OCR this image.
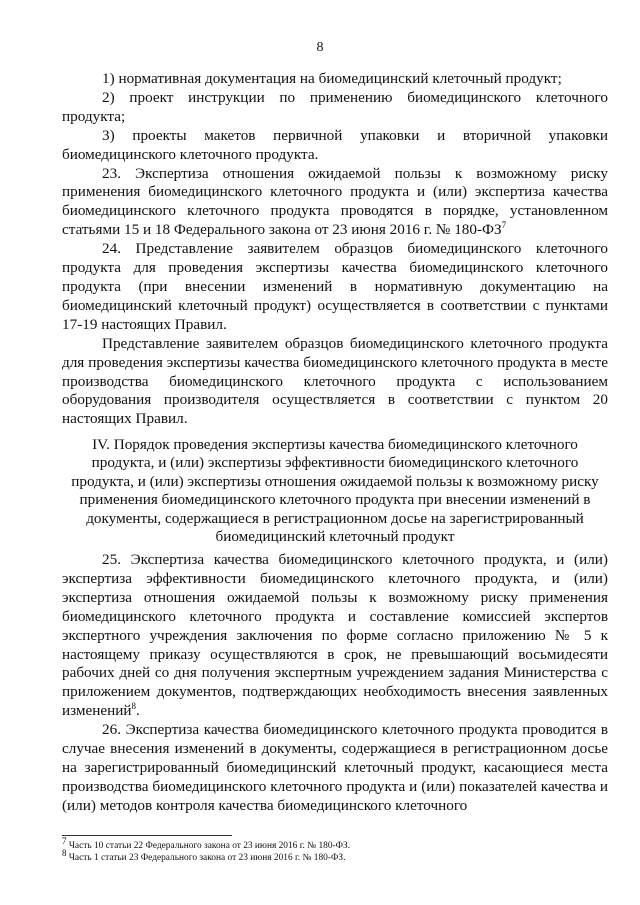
8

1) нормативная документация на биомедицинский клеточный продукт;

2) проект инструкции по применению биомедицинского клеточного продукта;

3) проекты макетов первичной упаковки и вторичной упаковки биомедицинского клеточного продукта.

23. Экспертиза отношения ожидаемой пользы к возможному риску применения биомедицинского клеточного продукта и (или) экспертиза качества биомедицинского клеточного продукта проводятся в порядке, установленном статьями 15 и 18 Федерального закона от 23 июня 2016 г. № $180-ФЗ^7$

24. Представление заявителем образцов биомедицинского клеточного продукта для проведения экспертизы качества биомедицинского клеточного продукта (при внесении изменений в нормативную документацию на биомедицинский клеточный продукт) осуществляется в соответствии с пунктами 17-19 настоящих Правил.

Представление заявителем образцов биомедицинского клеточного продукта для проведения экспертизы качества биомедицинского клеточного продукта в месте производства биомедицинского клеточного продукта с использованием оборудования производителя осуществляется в соответствии с пунктом 20 настоящих Правил.

IV. Порядок проведения экспертизы качества биомедицинского клеточного продукта, и (или) экспертизы эффективности биомедицинского клеточного продукта, и (или) экспертизы отношения ожидаемой пользы к возможному риску применения биомедицинского клеточного продукта при внесении изменений в документы, содержащиеся в регистрационном досье на зарегистрированный биомедицинский клеточный продукт

25. Экспертиза качества биомедицинского клеточного продукта, и (или) экспертиза эффективности биомедицинского клеточного продукта, и (или) экспертиза отношения ожидаемой пользы к возможному риску применения биомедицинского клеточного продукта и составление комиссией экспертов экспертного учреждения заключения по форме согласно приложению № 5 к настоящему приказу осуществляются в срок, не превышающий восьмидесяти рабочих дней со дня получения экспертным учреждением задания Министерства с приложением документов, подтверждающих необходимость внесения заявленных изменений$^8$.

26. Экспертиза качества биомедицинского клеточного продукта проводится в случае внесения изменений в документы, содержащиеся в регистрационном досье на зарегистрированный биомедицинский клеточный продукт, касающиеся места производства биомедицинского клеточного продукта и (или) показателей качества и (или) методов контроля качества биомедицинского клеточного

$^7$ Часть 10 статьи 22 Федерального закона от 23 июня 2016 г. № 180-ФЗ.

$^8$ Часть 1 статьи 23 Федерального закона от 23 июня 2016 г. № 180-ФЗ.
